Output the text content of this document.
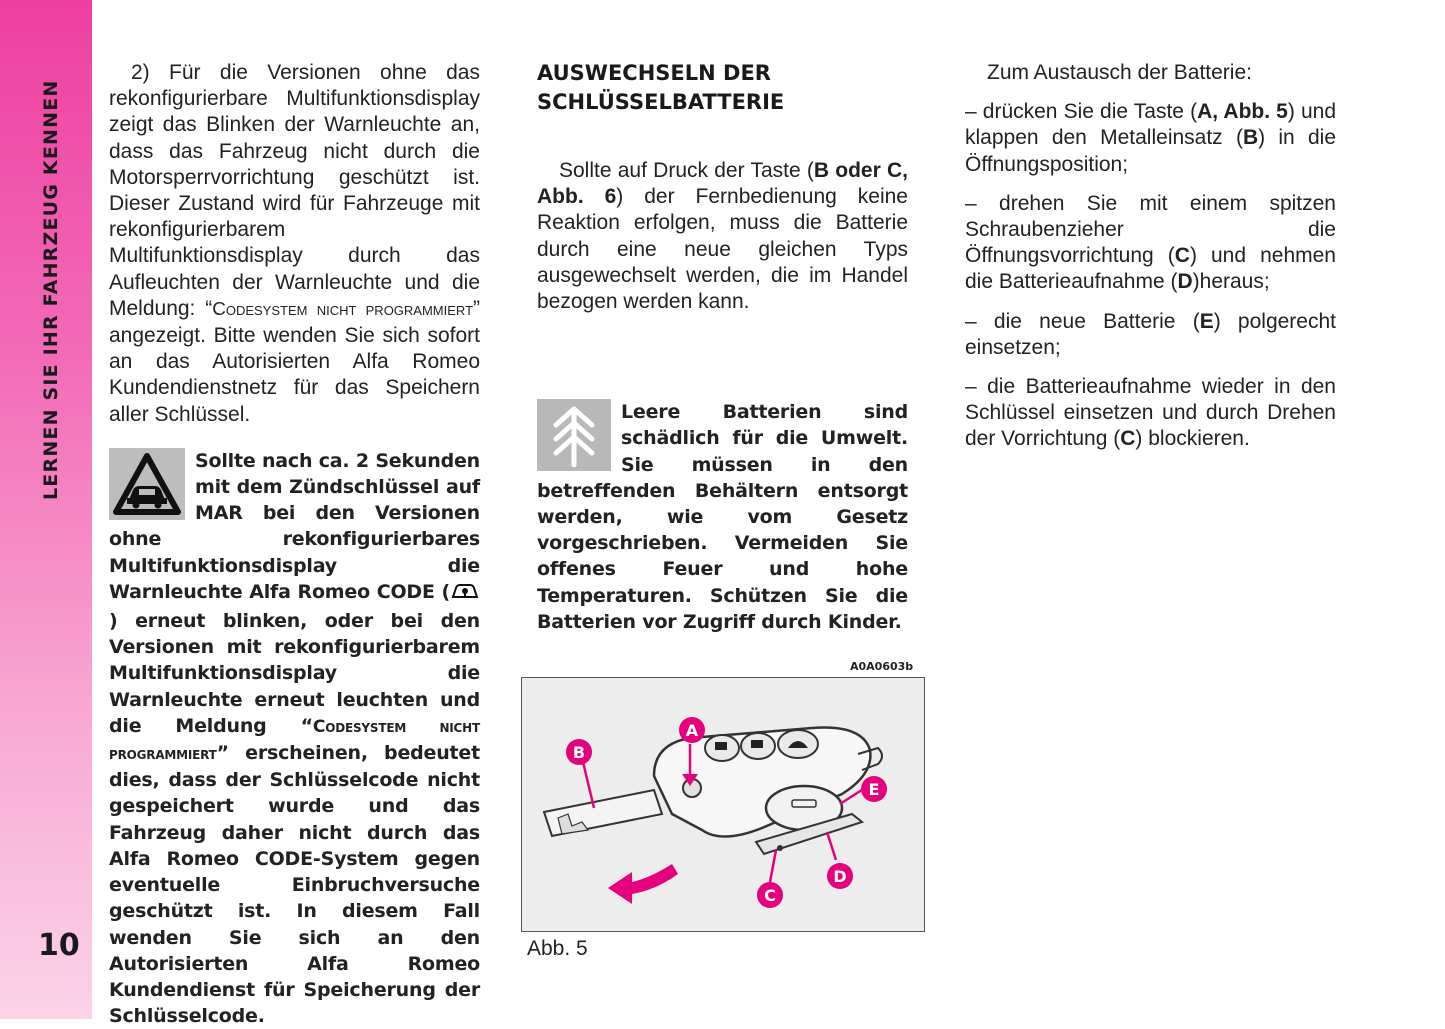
LERNEN SIE IHR FAHRZEUG KENNEN
10

2) Für die Versionen ohne das rekonfigurierbare Multifunktionsdisplay zeigt das Blinken der Warnleuchte an, dass das Fahrzeug nicht durch die Motorsperrvorrichtung geschützt ist. Dieser Zustand wird für Fahrzeuge mit rekonfigurierbarem Multifunktionsdisplay durch das Aufleuchten der Warnleuchte und die Meldung: “Codesystem nicht programmiert” angezeigt. Bitte wenden Sie sich sofort an das Autorisierten Alfa Romeo Kundendienstnetz für das Speichern aller Schlüssel.

Sollte nach ca. 2 Sekunden mit dem Zündschlüssel auf MAR bei den Versionen ohne rekonfigurierbares Multifunktionsdisplay die Warnleuchte Alfa Romeo CODE () erneut blinken, oder bei den Versionen mit rekonfigurierbarem Multifunktionsdisplay die Warnleuchte erneut leuchten und die Meldung “Codesystem nicht programmiert” erscheinen, bedeutet dies, dass der Schlüsselcode nicht gespeichert wurde und das Fahrzeug daher nicht durch das Alfa Romeo CODE-System gegen eventuelle Einbruchversuche geschützt ist. In diesem Fall wenden Sie sich an den Autorisierten Alfa Romeo Kundendienst für Speicherung der Schlüsselcode.
AUSWECHSELN DER
SCHLÜSSELBATTERIE

Sollte auf Druck der Taste (B oder C, Abb. 6) der Fernbedienung keine Reaktion erfolgen, muss die Batterie durch eine neue gleichen Typs ausgewechselt werden, die im Handel bezogen werden kann.

Leere Batterien sind schädlich für die Umwelt. Sie müssen in den betreffenden Behältern entsorgt werden, wie vom Gesetz vorgeschrieben. Vermeiden Sie offenes Feuer und hohe Temperaturen. Schützen Sie die Batterien vor Zugriff durch Kinder.
A0A0603b
A
B
C
D
E
Abb. 5

Zum Austausch der Batterie:

– drücken Sie die Taste (A, Abb. 5) und klappen den Metalleinsatz (B) in die Öffnungsposition;

– drehen Sie mit einem spitzen Schraubenzieher die Öffnungsvorrichtung (C) und nehmen die Batterieaufnahme (D)heraus;

– die neue Batterie (E) polgerecht einsetzen;

– die Batterieaufnahme wieder in den Schlüssel einsetzen und durch Drehen der Vorrichtung (C) blockieren.
